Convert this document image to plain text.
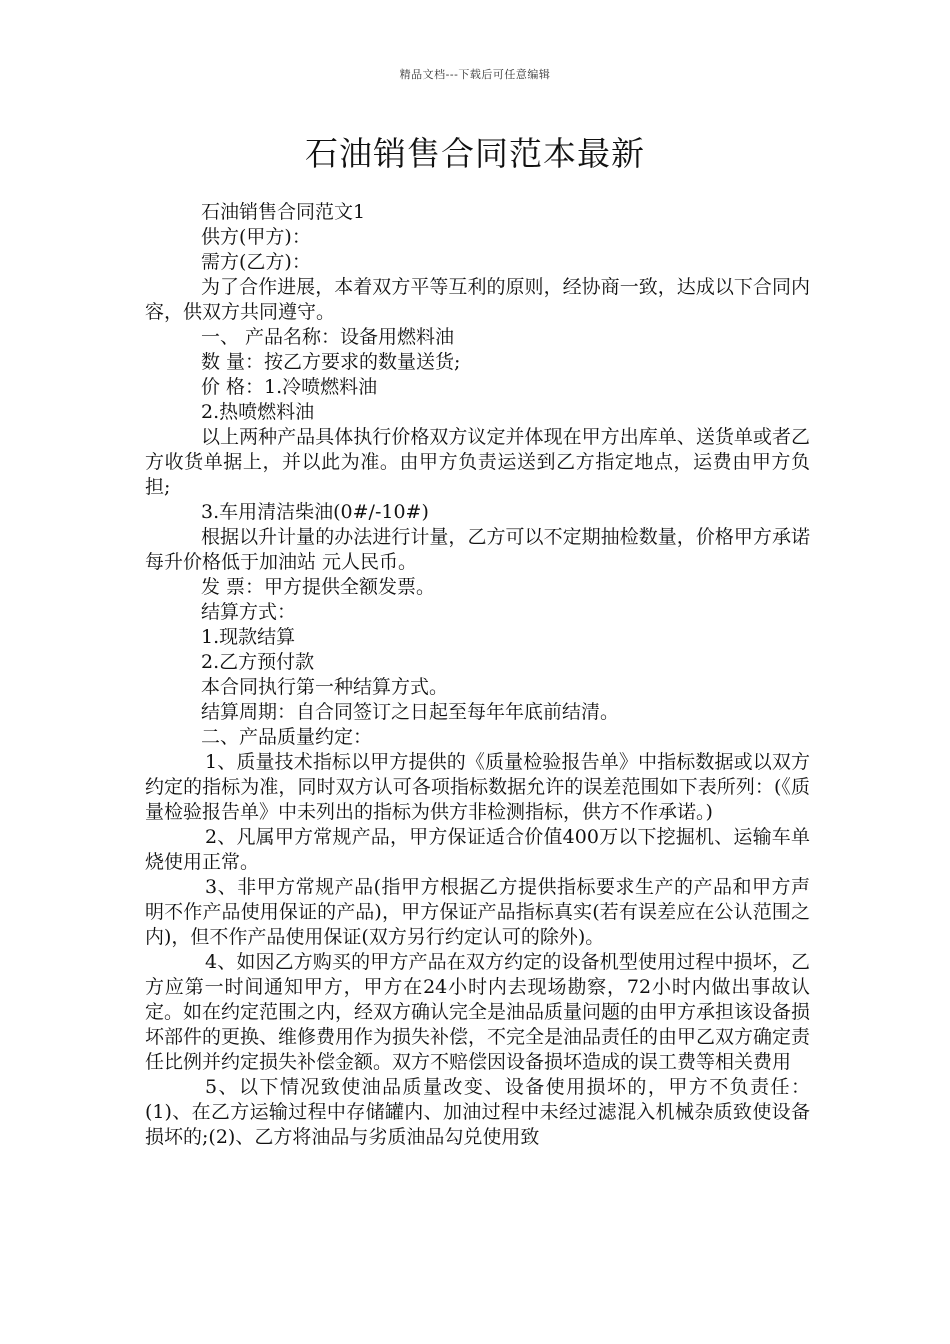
精品文档---下载后可任意编辑
石油销售合同范本最新

石油销售合同范文1

供方(甲方)：

需方(乙方)：

为了合作进展，本着双方平等互利的原则，经协商一致，达成以下合同内容，供双方共同遵守。

一、 产品名称：设备用燃料油

数 量：按乙方要求的数量送货;

价 格：1.冷喷燃料油

2.热喷燃料油

以上两种产品具体执行价格双方议定并体现在甲方出库单、送货单或者乙方收货单据上，并以此为准。由甲方负责运送到乙方指定地点，运费由甲方负担;

3.车用清洁柴油(0#/-10#)

根据以升计量的办法进行计量，乙方可以不定期抽检数量，价格甲方承诺每升价格低于加油站 元人民币。

发 票：甲方提供全额发票。

结算方式：

1.现款结算

2.乙方预付款

本合同执行第一种结算方式。

结算周期：自合同签订之日起至每年年底前结清。

二、产品质量约定：

1、质量技术指标以甲方提供的《质量检验报告单》中指标数据或以双方约定的指标为准，同时双方认可各项指标数据允许的误差范围如下表所列：(《质量检验报告单》中未列出的指标为供方非检测指标，供方不作承诺。)

2、凡属甲方常规产品，甲方保证适合价值400万以下挖掘机、运输车单烧使用正常。

3、非甲方常规产品(指甲方根据乙方提供指标要求生产的产品和甲方声明不作产品使用保证的产品)，甲方保证产品指标真实(若有误差应在公认范围之内)，但不作产品使用保证(双方另行约定认可的除外)。

4、如因乙方购买的甲方产品在双方约定的设备机型使用过程中损坏，乙方应第一时间通知甲方，甲方在24小时内去现场勘察，72小时内做出事故认定。如在约定范围之内，经双方确认完全是油品质量问题的由甲方承担该设备损坏部件的更换、维修费用作为损失补偿，不完全是油品责任的由甲乙双方确定责任比例并约定损失补偿金额。双方不赔偿因设备损坏造成的误工费等相关费用

5、以下情况致使油品质量改变、设备使用损坏的，甲方不负责任：(1)、在乙方运输过程中存储罐内、加油过程中未经过滤混入机械杂质致使设备损坏的;(2)、乙方将油品与劣质油品勾兑使用致
